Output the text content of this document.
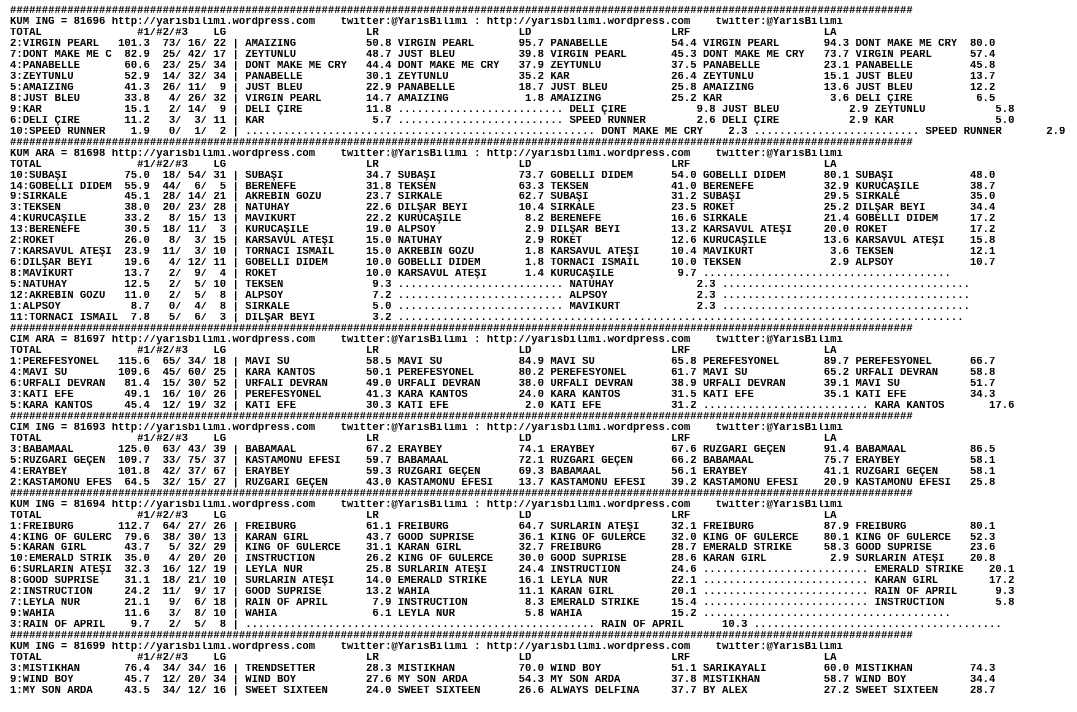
##############################################################################################################################################
KUM ING = 81696 http://yarisbilimi.wordpress.com    twitter:@YarisBilimi : http://yarisbilimi.wordpress.com    twitter:@YarisBilimi
TOTAL               #1/#2/#3    LG                      LR                      LD                      LRF                     LA
2:VIRGIN PEARL   101.3  73/ 16/ 22 | AMAIZING           50.8 VIRGIN PEARL       95.7 PANABELLE          54.4 VIRGIN PEARL       94.3 DONT MAKE ME CRY  80.0
7:DONT MAKE ME C  82.9  25/ 42/ 17 | ZEYTUNLU           48.7 JUST BLEU          39.8 VIRGIN PEARL       45.3 DONT MAKE ME CRY   73.7 VIRGIN PEARL      57.4
4:PANABELLE       60.6  23/ 25/ 34 | DONT MAKE ME CRY   44.4 DONT MAKE ME CRY   37.9 ZEYTUNLU           37.5 PANABELLE          23.1 PANABELLE         45.8
3:ZEYTUNLU        52.9  14/ 32/ 34 | PANABELLE          30.1 ZEYTUNLU           35.2 KAR                26.4 ZEYTUNLU           15.1 JUST BLEU         13.7
5:AMAIZING        41.3  26/ 11/  9 | JUST BLEU          22.9 PANABELLE          18.7 JUST BLEU          25.8 AMAIZING           13.6 JUST BLEU         12.2
8:JUST BLEU       33.8   4/ 26/ 32 | VIRGIN PEARL       14.7 AMAIZING            1.8 AMAIZING           25.2 KAR                 3.6 DELİ ÇİRE          6.5
9:KAR             15.1   2/ 14/  9 | DELİ ÇİRE          11.8 .......................... DELİ ÇİRE           9.8 JUST BLEU           2.9 ZEYTUNLU           5.8
6:DELİ ÇİRE       11.2   3/  3/ 11 | KAR                 5.7 .......................... SPEED RUNNER        2.6 DELİ ÇİRE           2.9 KAR                5.0
10:SPEED RUNNER    1.9   0/  1/  2 | ....................................................... DONT MAKE ME CRY    2.3 .......................... SPEED RUNNER       2.9
##############################################################################################################################################
KUM ARA = 81698 http://yarisbilimi.wordpress.com    twitter:@YarisBilimi : http://yarisbilimi.wordpress.com    twitter:@YarisBilimi
TOTAL               #1/#2/#3    LG                      LR                      LD                      LRF                     LA
10:SUBAŞI         75.0  18/ 54/ 31 | SUBAŞI             34.7 SUBAŞI             73.7 GÖBELLİ DİDEM      54.0 GÖBELLİ DİDEM      80.1 SUBAŞI            48.0
14:GÖBELLİ DİDEM  55.9  44/  6/  5 | BERENEFE           31.8 TEKSEN             63.3 TEKSEN             41.0 BERENEFE           32.9 KURUCAŞİLE        38.7
9:SIRKALE         45.1  28/ 14/ 21 | AKREBİN GÖZÜ       23.7 SIRKALE            62.7 SUBAŞI             31.2 SUBAŞI             29.5 SIRKALE           35.0
3:TEKSEN          38.0  20/ 23/ 28 | NATUHAY            22.6 DİLŞAR BEYİ        10.4 SIRKALE            23.5 ROKET              25.2 DİLŞAR BEYİ       34.4
4:KURUCAŞİLE      33.2   8/ 15/ 13 | MAVİKURT           22.2 KURUCAŞİLE          8.2 BERENEFE           16.6 SIRKALE            21.4 GÖBELLİ DİDEM     17.2
13:BERENEFE       30.5  18/ 11/  3 | KURUCAŞİLE         19.0 ALPSOY              2.9 DİLŞAR BEYİ        13.2 KARSAVUL ATEŞİ     20.0 ROKET             17.2
2:ROKET           26.0   8/  3/ 15 | KARSAVUL ATEŞİ     15.0 NATUHAY             2.9 ROKET              12.6 KURUCAŞİLE         13.6 KARSAVUL ATEŞİ    15.8
7:KARSAVUL ATEŞİ  23.9  11/  3/ 10 | TORNACI İSMAİL     15.0 AKREBİN GÖZÜ        1.8 KARSAVUL ATEŞİ     10.4 MAVİKURT            3.6 TEKSEN            12.1
6:DİLŞAR BEYİ     19.6   4/ 12/ 11 | GÖBELLİ DİDEM      10.0 GÖBELLİ DİDEM       1.8 TORNACI İSMAİL     10.0 TEKSEN              2.9 ALPSOY            10.7
8:MAVİKURT        13.7   2/  9/  4 | ROKET              10.0 KARSAVUL ATEŞİ      1.4 KURUCAŞİLE          9.7 .......................................
5:NATUHAY         12.5   2/  5/ 10 | TEKSEN              9.3 .......................... NATUHAY             2.3 .......................................
12:AKREBİN GÖZÜ   11.0   2/  5/  8 | ALPSOY              7.2 .......................... ALPSOY              2.3 .......................................
1:ALPSOY           8.7   0/  4/  8 | SIRKALE             5.0 .......................... MAVİKURT            2.3 .......................................
11:TORNACI İSMAİL  7.8   5/  6/  3 | DİLŞAR BEYİ         3.2 .........................................................................................
##############################################################################################################################################
CIM ARA = 81697 http://yarisbilimi.wordpress.com    twitter:@YarisBilimi : http://yarisbilimi.wordpress.com    twitter:@YarisBilimi
TOTAL               #1/#2/#3    LG                      LR                      LD                      LRF                     LA
1:PEREFESYONEL   115.6  65/ 34/ 18 | MAVİ SU            58.5 MAVİ SU            84.9 MAVİ SU            65.8 PEREFESYONEL       89.7 PEREFESYONEL      66.7
4:MAVİ SU        109.6  45/ 60/ 25 | KARA KANTOS        50.1 PEREFESYONEL       80.2 PEREFESYONEL       61.7 MAVİ SU            65.2 URFALI DEVRAN     58.8
6:URFALI DEVRAN   81.4  15/ 30/ 52 | URFALI DEVRAN      49.0 URFALI DEVRAN      38.0 URFALI DEVRAN      38.9 URFALI DEVRAN      39.1 MAVİ SU           51.7
3:KATI EFE        49.1  16/ 10/ 26 | PEREFESYONEL       41.3 KARA KANTOS        24.0 KARA KANTOS        31.5 KATI EFE           35.1 KATI EFE          34.3
5:KARA KANTOS     45.4  12/ 19/ 32 | KATI EFE           30.3 KATI EFE            2.0 KATI EFE           31.2 .......................... KARA KANTOS       17.6
##############################################################################################################################################
CIM ING = 81693 http://yarisbilimi.wordpress.com    twitter:@YarisBilimi : http://yarisbilimi.wordpress.com    twitter:@YarisBilimi
TOTAL               #1/#2/#3    LG                      LR                      LD                      LRF                     LA
3:BABAMAAL       125.0  63/ 43/ 39 | BABAMAAL           67.2 ERAYBEY            74.1 ERAYBEY            67.6 RÜZGARI GEÇEN      91.4 BABAMAAL          86.5
5:RÜZGARI GEÇEN  109.7  33/ 75/ 37 | KASTAMONU EFESİ    59.7 BABAMAAL           72.1 RÜZGARI GEÇEN      66.2 BABAMAAL           75.7 ERAYBEY           58.1
4:ERAYBEY        101.8  42/ 37/ 67 | ERAYBEY            59.3 RÜZGARI GEÇEN      69.3 BABAMAAL           56.1 ERAYBEY            41.1 RÜZGARI GEÇEN     58.1
2:KASTAMONU EFES  64.5  32/ 15/ 27 | RÜZGARI GEÇEN      43.0 KASTAMONU EFESİ    13.7 KASTAMONU EFESİ    39.2 KASTAMONU EFESİ    20.9 KASTAMONU EFESİ   25.8
##############################################################################################################################################
KUM ING = 81694 http://yarisbilimi.wordpress.com    twitter:@YarisBilimi : http://yarisbilimi.wordpress.com    twitter:@YarisBilimi
TOTAL               #1/#2/#3    LG                      LR                      LD                      LRF                     LA
1:FREIBURG       112.7  64/ 27/ 26 | FREIBURG           61.1 FREIBURG           64.7 SURLARIN ATEŞİ     32.1 FREIBURG           87.9 FREIBURG          80.1
4:KING OF GULERC  79.6  38/ 30/ 13 | KARAN GIRL         43.7 GOOD SUPRISE       36.1 KING OF GULERCE    32.0 KING OF GULERCE    80.1 KING OF GULERCE   52.3
5:KARAN GIRL      43.7   5/ 32/ 29 | KING OF GULERCE    31.1 KARAN GIRL         32.7 FREIBURG           28.7 EMERALD STRIKE     58.3 GOOD SUPRISE      23.6
10:EMERALD STRIK  35.0   4/ 20/ 20 | INSTRUCTION        26.2 KING OF GULERCE    30.0 GOOD SUPRISE       28.6 KARAN GIRL          2.9 SURLARIN ATEŞİ    20.8
6:SURLARIN ATEŞİ  32.3  16/ 12/ 19 | LEYLA NUR          25.8 SURLARIN ATEŞİ     24.4 INSTRUCTION        24.6 .......................... EMERALD STRIKE    20.1
8:GOOD SUPRISE    31.1  18/ 21/ 10 | SURLARIN ATEŞİ     14.0 EMERALD STRIKE     16.1 LEYLA NUR          22.1 .......................... KARAN GIRL        17.2
2:INSTRUCTION     24.2  11/  9/ 17 | GOOD SUPRISE       13.2 WAHIA              11.1 KARAN GIRL         20.1 .......................... RAIN OF APRIL      9.3
7:LEYLA NUR       21.1   9/  6/ 18 | RAIN OF APRIL       7.9 INSTRUCTION         8.3 EMERALD STRIKE     15.4 .......................... INSTRUCTION        5.8
9:WAHIA           11.6   3/  8/ 10 | WAHIA               6.1 LEYLA NUR           5.8 WAHIA              15.2 .......................................
3:RAIN OF APRIL    9.7   2/  5/  8 | ....................................................... RAIN OF APRIL      10.3 .......................................
##############################################################################################################################################
KUM ING = 81699 http://yarisbilimi.wordpress.com    twitter:@YarisBilimi : http://yarisbilimi.wordpress.com    twitter:@YarisBilimi
TOTAL               #1/#2/#3    LG                      LR                      LD                      LRF                     LA
3:MISTIKHAN       76.4  34/ 34/ 16 | TRENDSETTER        28.3 MISTIKHAN          70.0 WIND BOY           51.1 SARIKAYALI         60.0 MISTIKHAN         74.3
9:WIND BOY        45.7  12/ 20/ 34 | WIND BOY           27.6 MY SON ARDA        54.3 MY SON ARDA        37.8 MISTIKHAN          58.7 WIND BOY          34.4
1:MY SON ARDA     43.5  34/ 12/ 16 | SWEET SIXTEEN      24.0 SWEET SIXTEEN      26.6 ALWAYS DELFINA     37.7 BY ALEX            27.2 SWEET SIXTEEN     28.7
